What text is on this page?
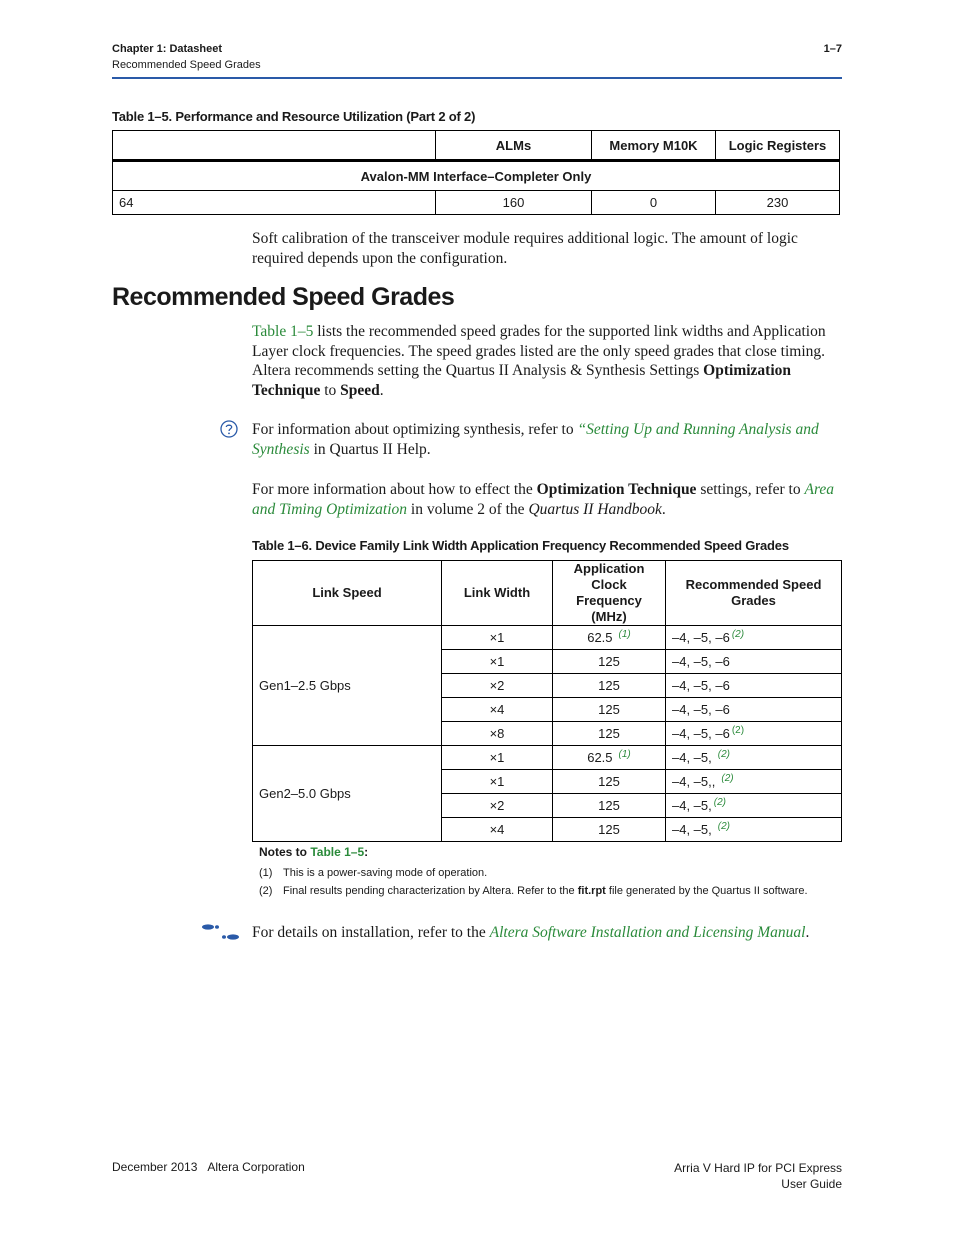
Chapter 1: Datasheet
Recommended Speed Grades
1–7
Table 1–5. Performance and Resource Utilization (Part 2 of 2)
	ALMs	Memory M10K	Logic Registers
Avalon-MM Interface–Completer Only			
64	160	0	230
Soft calibration of the transceiver module requires additional logic. The amount of logic required depends upon the configuration.
Recommended Speed Grades
Table 1–5 lists the recommended speed grades for the supported link widths and Application Layer clock frequencies. The speed grades listed are the only speed grades that close timing. Altera recommends setting the Quartus II Analysis & Synthesis Settings Optimization Technique to Speed.
For information about optimizing synthesis, refer to “Setting Up and Running Analysis and Synthesis in Quartus II Help.
For more information about how to effect the Optimization Technique settings, refer to Area and Timing Optimization in volume 2 of the Quartus II Handbook.
Table 1–6. Device Family Link Width Application Frequency Recommended Speed Grades
Link Speed	Link Width	Application Clock Frequency (MHz)	Recommended Speed Grades
Gen1–2.5 Gbps	×1	62.5 $^{(1)}$	–4, –5, –6 $^{(2)}$
	×1	125	–4, –5, –6
	×2	125	–4, –5, –6
	×4	125	–4, –5, –6
	×8	125	–4, –5, –6 $^{(2)}$
Gen2–5.0 Gbps	×1	62.5 $^{(1)}$	–4, –5, $^{(2)}$
	×1	125	–4, –5,, $^{(2)}$
	×2	125	–4, –5, $^{(2)}$
	×4	125	–4, –5, $^{(2)}$
Notes to Table 1–5:
(1) This is a power-saving mode of operation.
(2) Final results pending characterization by Altera. Refer to the fit.rpt file generated by the Quartus II software.
For details on installation, refer to the Altera Software Installation and Licensing Manual.
December 2013 Altera Corporation	Arria V Hard IP for PCI Express
User Guide
